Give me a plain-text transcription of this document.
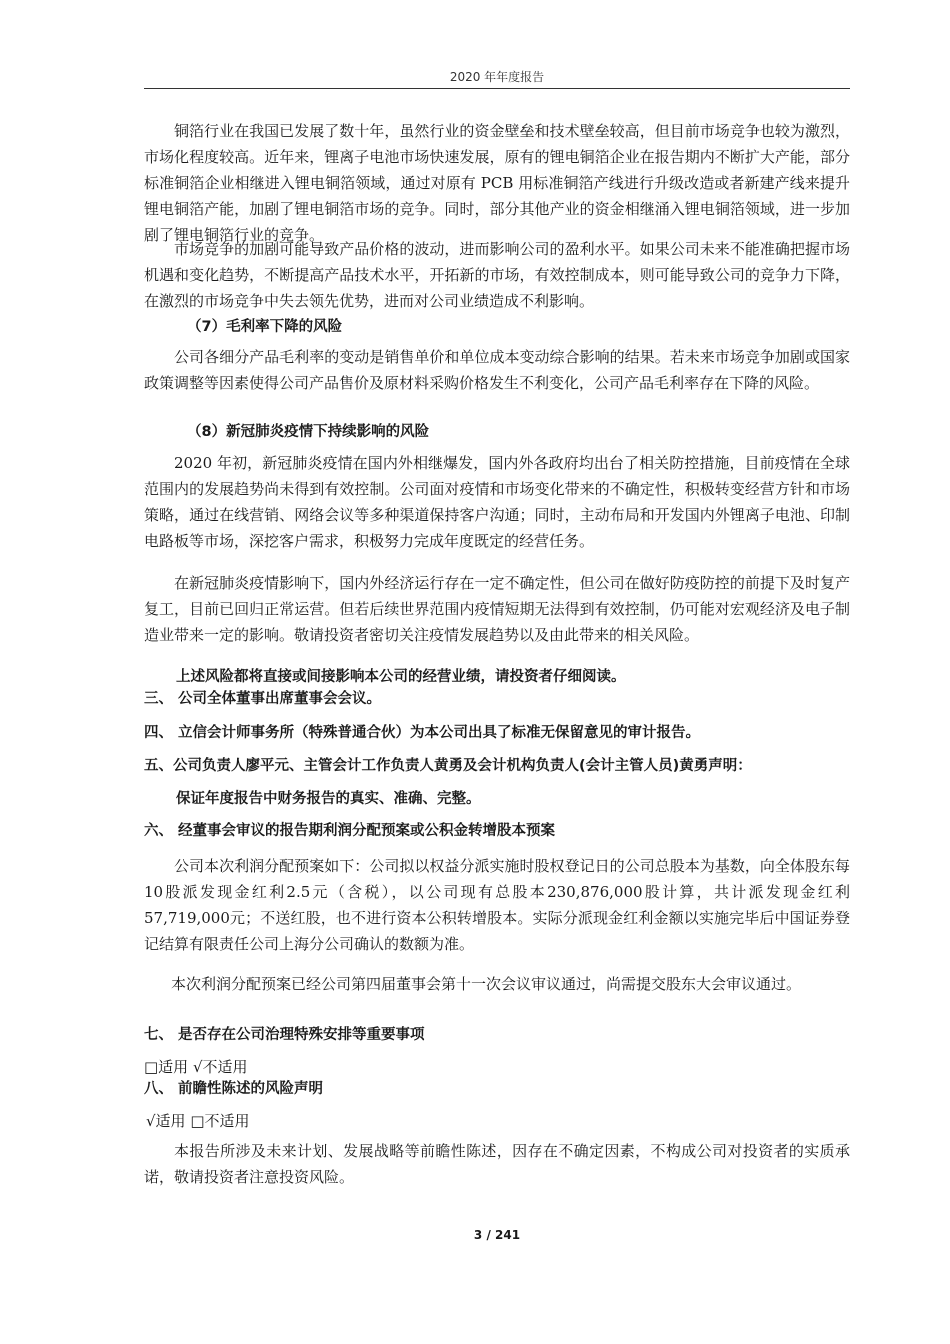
2020 年年度报告

铜箔行业在我国已发展了数十年，虽然行业的资金壁垒和技术壁垒较高，但目前市场竞争也较为激烈，市场化程度较高。近年来，锂离子电池市场快速发展，原有的锂电铜箔企业在报告期内不断扩大产能，部分标准铜箔企业相继进入锂电铜箔领域，通过对原有 PCB 用标准铜箔产线进行升级改造或者新建产线来提升锂电铜箔产能，加剧了锂电铜箔市场的竞争。同时，部分其他产业的资金相继涌入锂电铜箔领域，进一步加剧了锂电铜箔行业的竞争。

市场竞争的加剧可能导致产品价格的波动，进而影响公司的盈利水平。如果公司未来不能准确把握市场机遇和变化趋势，不断提高产品技术水平，开拓新的市场，有效控制成本，则可能导致公司的竞争力下降，在激烈的市场竞争中失去领先优势，进而对公司业绩造成不利影响。

（7）毛利率下降的风险

公司各细分产品毛利率的变动是销售单价和单位成本变动综合影响的结果。若未来市场竞争加剧或国家政策调整等因素使得公司产品售价及原材料采购价格发生不利变化，公司产品毛利率存在下降的风险。

（8）新冠肺炎疫情下持续影响的风险

2020 年初，新冠肺炎疫情在国内外相继爆发，国内外各政府均出台了相关防控措施，目前疫情在全球范围内的发展趋势尚未得到有效控制。公司面对疫情和市场变化带来的不确定性，积极转变经营方针和市场策略，通过在线营销、网络会议等多种渠道保持客户沟通；同时，主动布局和开发国内外锂离子电池、印制电路板等市场，深挖客户需求，积极努力完成年度既定的经营任务。

在新冠肺炎疫情影响下，国内外经济运行存在一定不确定性，但公司在做好防疫防控的前提下及时复产复工，目前已回归正常运营。但若后续世界范围内疫情短期无法得到有效控制，仍可能对宏观经济及电子制造业带来一定的影响。敬请投资者密切关注疫情发展趋势以及由此带来的相关风险。

上述风险都将直接或间接影响本公司的经营业绩，请投资者仔细阅读。

三、 公司全体董事出席董事会会议。

四、 立信会计师事务所（特殊普通合伙）为本公司出具了标准无保留意见的审计报告。

五、公司负责人廖平元、主管会计工作负责人黄勇及会计机构负责人(会计主管人员)黄勇声明：

保证年度报告中财务报告的真实、准确、完整。

六、 经董事会审议的报告期利润分配预案或公积金转增股本预案

公司本次利润分配预案如下：公司拟以权益分派实施时股权登记日的公司总股本为基数，向全体股东每10股派发现金红利2.5元（含税），以公司现有总股本230,876,000股计算，共计派发现金红利57,719,000元；不送红股，也不进行资本公积转增股本。实际分派现金红利金额以实施完毕后中国证券登记结算有限责任公司上海分公司确认的数额为准。

本次利润分配预案已经公司第四届董事会第十一次会议审议通过，尚需提交股东大会审议通过。

七、 是否存在公司治理特殊安排等重要事项

□适用 √不适用

八、 前瞻性陈述的风险声明

√适用 □不适用

本报告所涉及未来计划、发展战略等前瞻性陈述，因存在不确定因素，不构成公司对投资者的实质承诺，敬请投资者注意投资风险。

3 / 241
